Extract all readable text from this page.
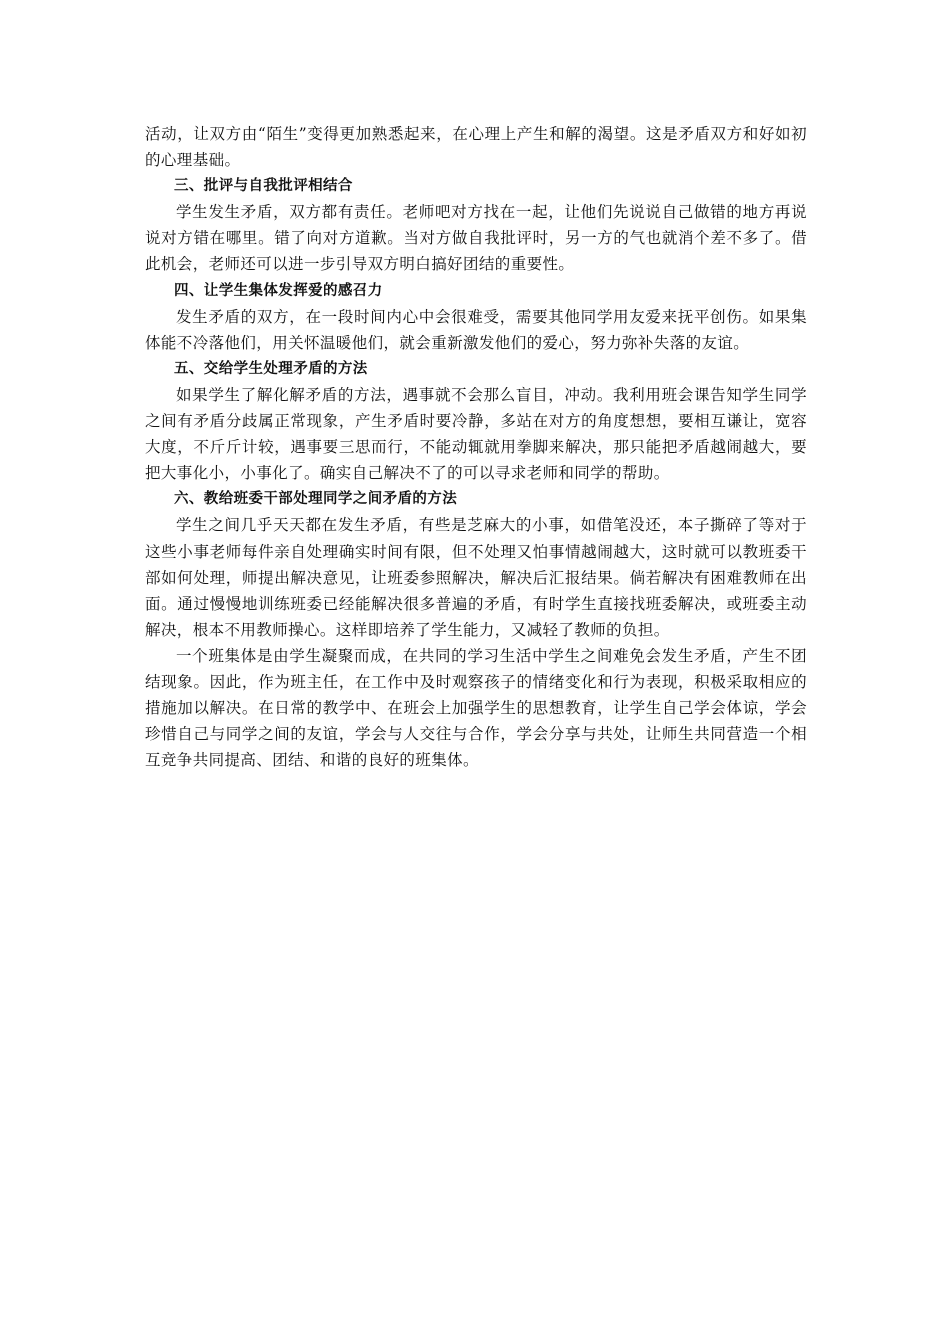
活动，让双方由“陌生”变得更加熟悉起来，在心理上产生和解的渴望。这是矛盾双方和好如初的心理基础。

三、批评与自我批评相结合

学生发生矛盾，双方都有责任。老师吧对方找在一起，让他们先说说自己做错的地方再说说对方错在哪里。错了向对方道歉。当对方做自我批评时，另一方的气也就消个差不多了。借此机会，老师还可以进一步引导双方明白搞好团结的重要性。

四、让学生集体发挥爱的感召力

发生矛盾的双方，在一段时间内心中会很难受，需要其他同学用友爱来抚平创伤。如果集体能不冷落他们，用关怀温暖他们，就会重新激发他们的爱心，努力弥补失落的友谊。

五、交给学生处理矛盾的方法

如果学生了解化解矛盾的方法，遇事就不会那么盲目，冲动。我利用班会课告知学生同学之间有矛盾分歧属正常现象，产生矛盾时要冷静，多站在对方的角度想想，要相互谦让，宽容大度，不斤斤计较，遇事要三思而行，不能动辄就用拳脚来解决，那只能把矛盾越闹越大，要把大事化小，小事化了。确实自己解决不了的可以寻求老师和同学的帮助。

六、教给班委干部处理同学之间矛盾的方法

学生之间几乎天天都在发生矛盾，有些是芝麻大的小事，如借笔没还，本子撕碎了等对于这些小事老师每件亲自处理确实时间有限，但不处理又怕事情越闹越大，这时就可以教班委干部如何处理，师提出解决意见，让班委参照解决，解决后汇报结果。倘若解决有困难教师在出面。通过慢慢地训练班委已经能解决很多普遍的矛盾，有时学生直接找班委解决，或班委主动解决，根本不用教师操心。这样即培养了学生能力，又减轻了教师的负担。

一个班集体是由学生凝聚而成，在共同的学习生活中学生之间难免会发生矛盾，产生不团结现象。因此，作为班主任，在工作中及时观察孩子的情绪变化和行为表现，积极采取相应的措施加以解决。在日常的教学中、在班会上加强学生的思想教育，让学生自己学会体谅，学会珍惜自己与同学之间的友谊，学会与人交往与合作，学会分享与共处，让师生共同营造一个相互竞争共同提高、团结、和谐的良好的班集体。
